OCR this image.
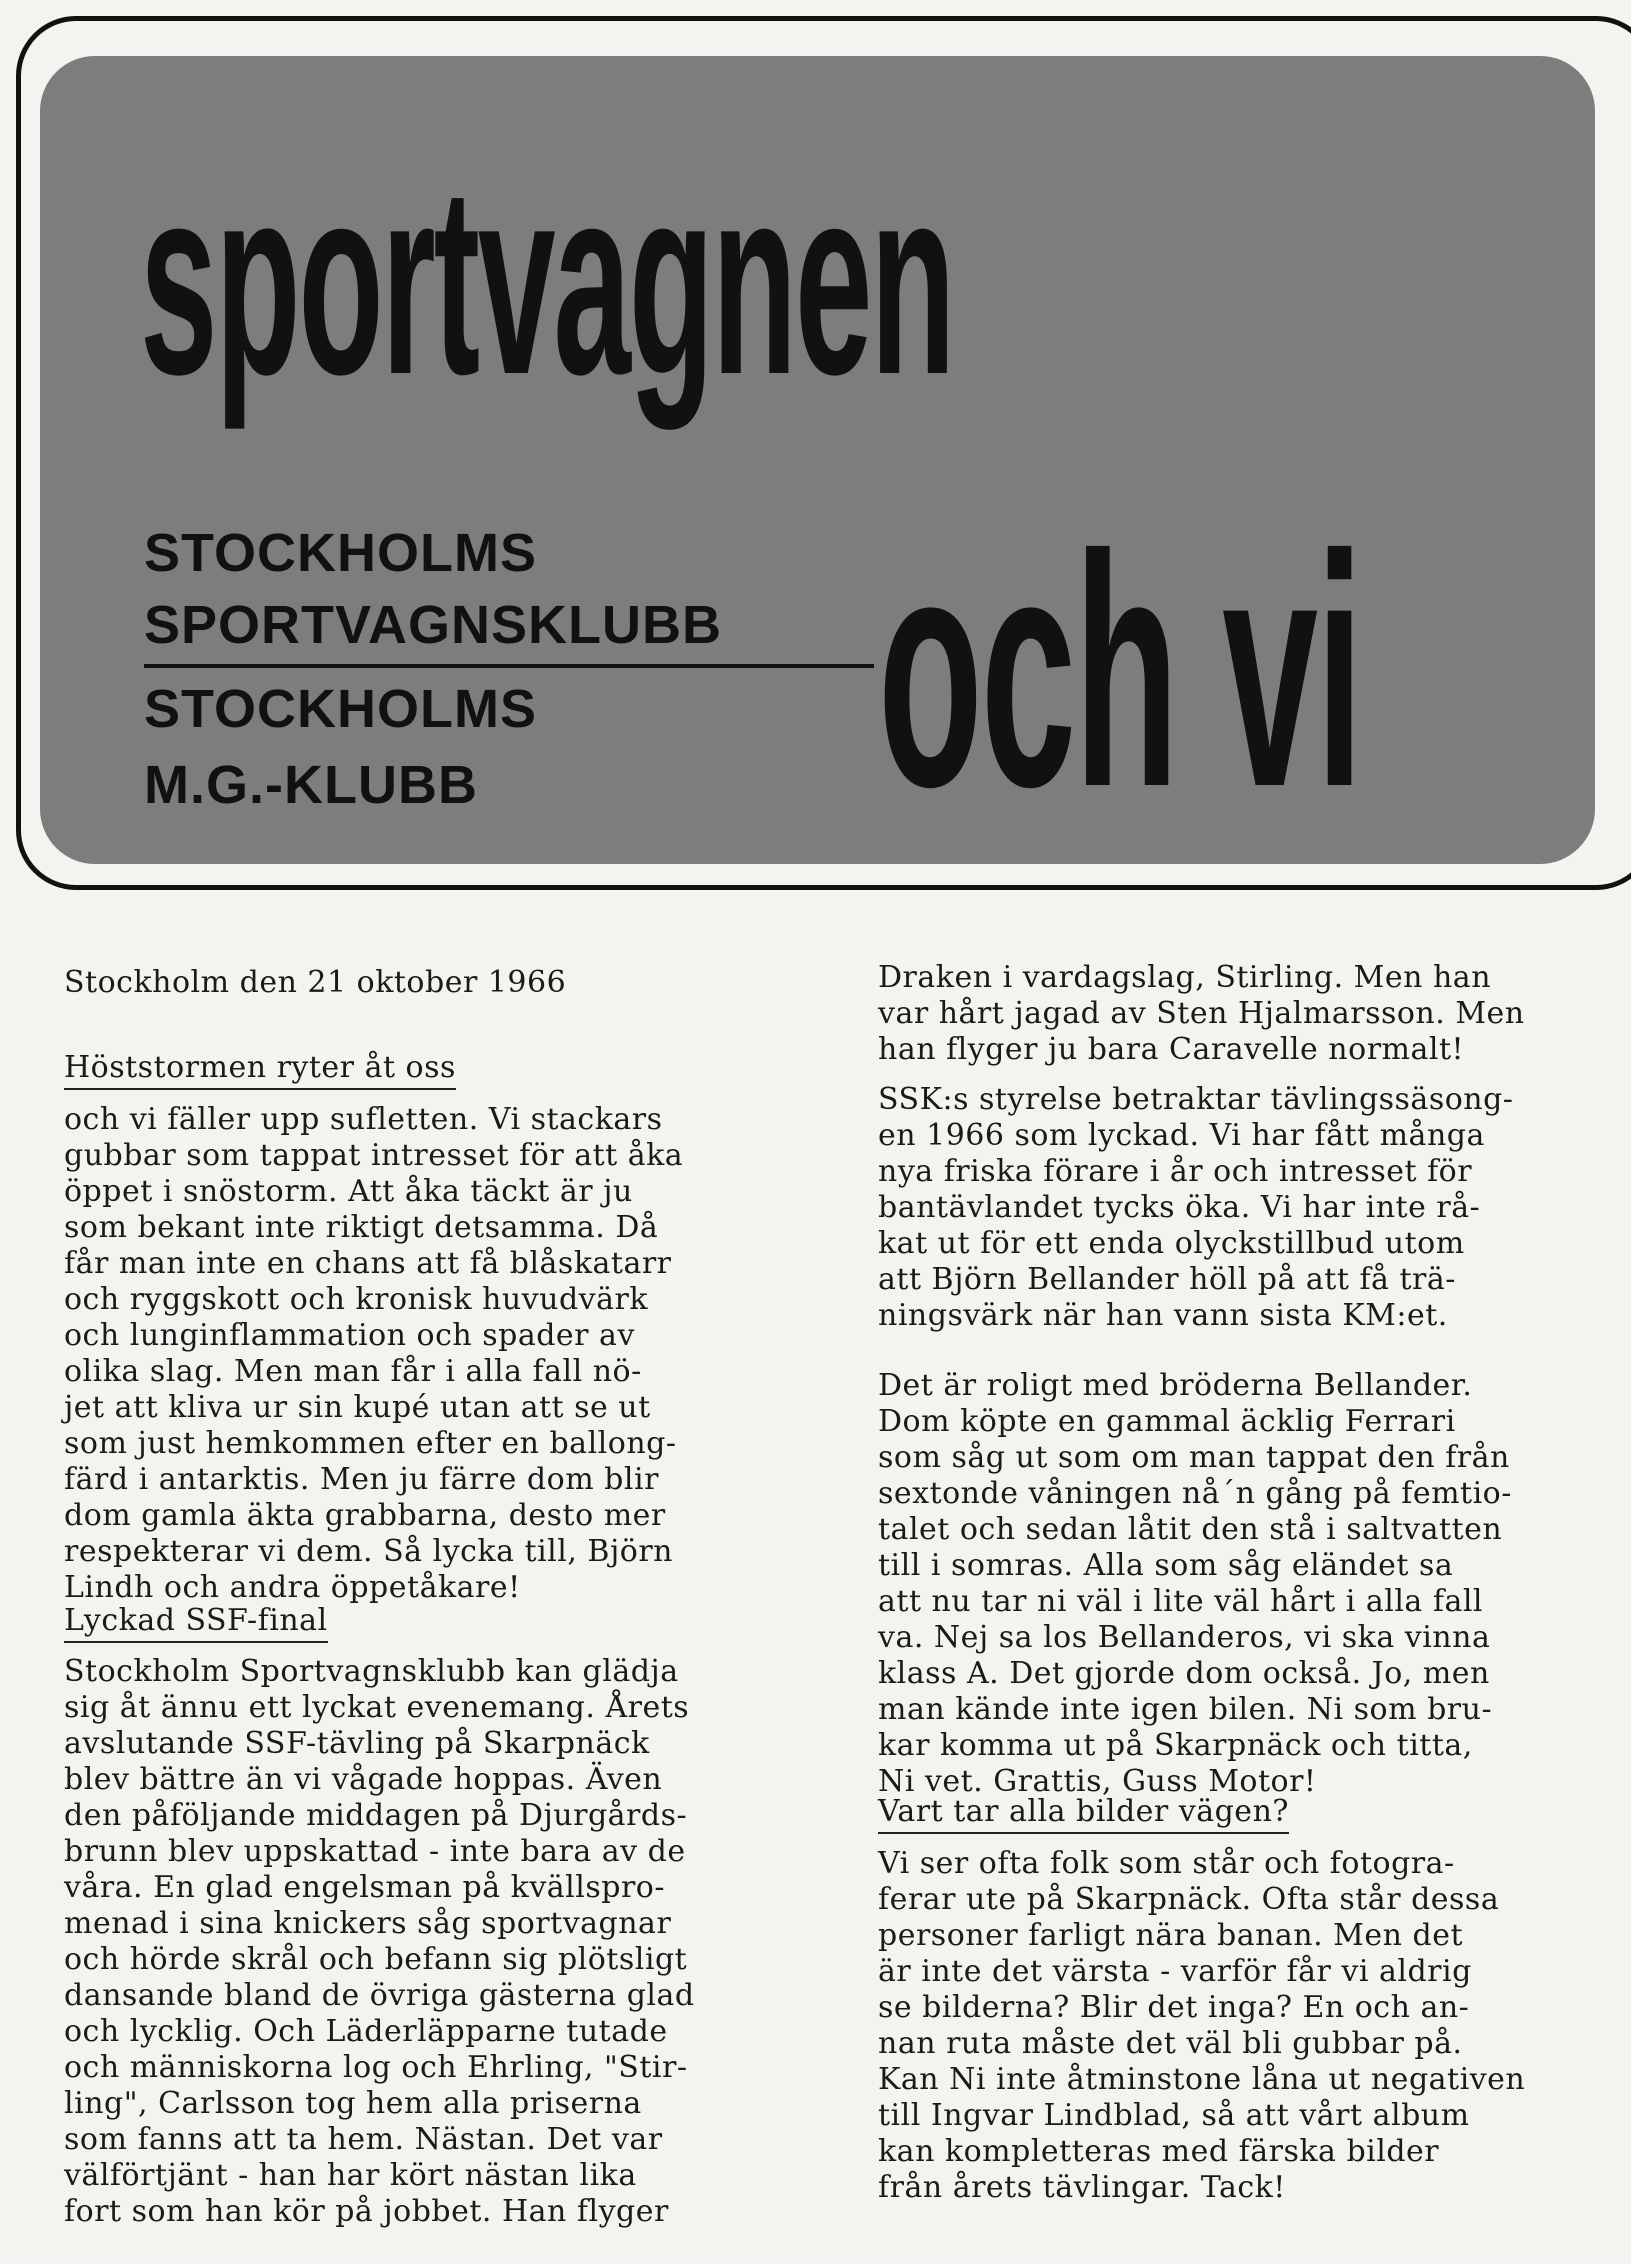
sportvagnen
och vi
STOCKHOLMS
SPORTVAGNSKLUBB
STOCKHOLMS
M.G.-KLUBB
Stockholm den 21 oktober 1966
Höststormen ryter åt oss
och vi fäller upp sufletten. Vi stackars
gubbar som tappat intresset för att åka
öppet i snöstorm. Att åka täckt är ju
som bekant inte riktigt detsamma. Då
får man inte en chans att få blåskatarr
och ryggskott och kronisk huvudvärk
och lunginflammation och spader av
olika slag. Men man får i alla fall nö-
jet att kliva ur sin kupé utan att se ut
som just hemkommen efter en ballong-
färd i antarktis. Men ju färre dom blir
dom gamla äkta grabbarna, desto mer
respekterar vi dem. Så lycka till, Björn
Lindh och andra öppetåkare!
Lyckad SSF-final
Stockholm Sportvagnsklubb kan glädja
sig åt ännu ett lyckat evenemang. Årets
avslutande SSF-tävling på Skarpnäck
blev bättre än vi vågade hoppas. Även
den påföljande middagen på Djurgårds-
brunn blev uppskattad - inte bara av de
våra. En glad engelsman på kvällspro-
menad i sina knickers såg sportvagnar
och hörde skrål och befann sig plötsligt
dansande bland de övriga gästerna glad
och lycklig. Och Läderläpparne tutade
och människorna log och Ehrling, "Stir-
ling", Carlsson tog hem alla priserna
som fanns att ta hem. Nästan. Det var
välförtjänt - han har kört nästan lika
fort som han kör på jobbet. Han flyger
Draken i vardagslag, Stirling. Men han
var hårt jagad av Sten Hjalmarsson. Men
han flyger ju bara Caravelle normalt!
SSK:s styrelse betraktar tävlingssäsong-
en 1966 som lyckad. Vi har fått många
nya friska förare i år och intresset för
bantävlandet tycks öka. Vi har inte rå-
kat ut för ett enda olyckstillbud utom
att Björn Bellander höll på att få trä-
ningsvärk när han vann sista KM:et.
Det är roligt med bröderna Bellander.
Dom köpte en gammal äcklig Ferrari
som såg ut som om man tappat den från
sextonde våningen nå´n gång på femtio-
talet och sedan låtit den stå i saltvatten
till i somras. Alla som såg eländet sa
att nu tar ni väl i lite väl hårt i alla fall
va. Nej sa los Bellanderos, vi ska vinna
klass A. Det gjorde dom också. Jo, men
man kände inte igen bilen. Ni som bru-
kar komma ut på Skarpnäck och titta,
Ni vet. Grattis, Guss Motor!
Vart tar alla bilder vägen?
Vi ser ofta folk som står och fotogra-
ferar ute på Skarpnäck. Ofta står dessa
personer farligt nära banan. Men det
är inte det värsta - varför får vi aldrig
se bilderna? Blir det inga? En och an-
nan ruta måste det väl bli gubbar på.
Kan Ni inte åtminstone låna ut negativen
till Ingvar Lindblad, så att vårt album
kan kompletteras med färska bilder
från årets tävlingar. Tack!
